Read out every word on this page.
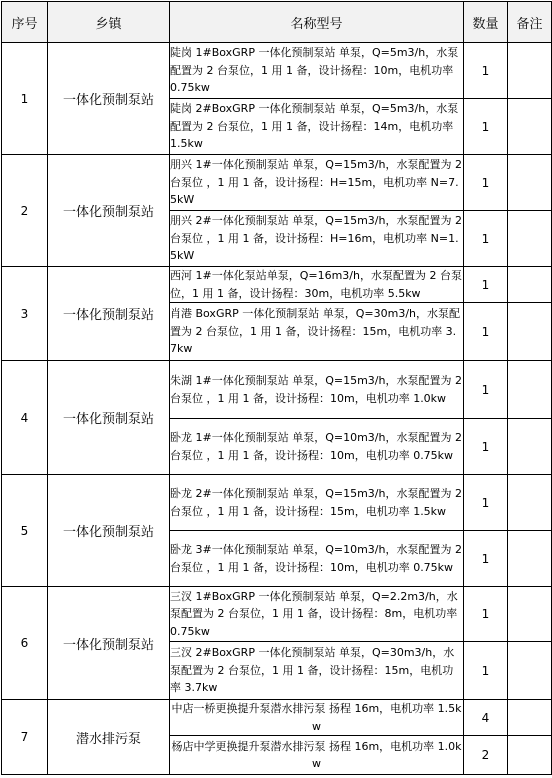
序号	乡镇	名称型号	数量	备注
1	一体化预制泵站	陡岗 1#BoxGRP 一体化预制泵站 单泵，Q=5m3/h，水泵配置为 2 台泵位，1 用 1 备，设计扬程：10m，电机功率 0.75kw	1	

		陡岗 2#BoxGRP 一体化预制泵站 单泵，Q=5m3/h，水泵配置为 2 台泵位，1 用 1 备，设计扬程：14m，电机功率 1.5kw	1	
2	一体化预制泵站	朋兴 1#一体化预制泵站 单泵，Q=15m3/h，水泵配置为 2 台泵位 ，1 用 1 备，设计扬程：H=15m，电机功率 N=7.5kW	1	

		朋兴 2#一体化预制泵站 单泵，Q=15m3/h，水泵配置为 2 台泵位 ，1 用 1 备，设计扬程：H=16m，电机功率 N=1.5kW	1	
3	一体化预制泵站	西河 1#一体化泵站单泵，Q=16m3/h，水泵配置为 2 台泵位，1 用 1 备，设计扬程：30m，电机功率 5.5kw	1	

		肖港 BoxGRP 一体化预制泵站 单泵，Q=30m3/h，水泵配置为 2 台泵位，1 用 1 备，设计扬程：15m，电机功率 3.7kw	1	
4	一体化预制泵站	朱湖 1#一体化预制泵站 单泵，Q=15m3/h，水泵配置为 2 台泵位 ，1 用 1 备，设计扬程：10m，电机功率 1.0kw	1	

		卧龙 1#一体化预制泵站 单泵，Q=10m3/h，水泵配置为 2 台泵位 ，1 用 1 备，设计扬程：10m，电机功率 0.75kw	1	
5	一体化预制泵站	卧龙 2#一体化预制泵站 单泵，Q=15m3/h，水泵配置为 2 台泵位 ，1 用 1 备，设计扬程：15m，电机功率 1.5kw	1	

		卧龙 3#一体化预制泵站 单泵，Q=10m3/h，水泵配置为 2 台泵位 ，1 用 1 备，设计扬程：10m，电机功率 0.75kw	1	
6	一体化预制泵站	三汊 1#BoxGRP 一体化预制泵站 单泵，Q=2.2m3/h，水泵配置为 2 台泵位，1 用 1 备，设计扬程：8m，电机功率 0.75kw	1	

		三汊 2#BoxGRP 一体化预制泵站 单泵，Q=30m3/h，水泵配置为 2 台泵位，1 用 1 备，设计扬程：15m，电机功率 3.7kw	1	
7	潜水排污泵	中店一桥更换提升泵潜水排污泵 扬程 16m，电机功率 1.5kw	4	

		杨店中学更换提升泵潜水排污泵 扬程 16m，电机功率 1.0kw	2	
